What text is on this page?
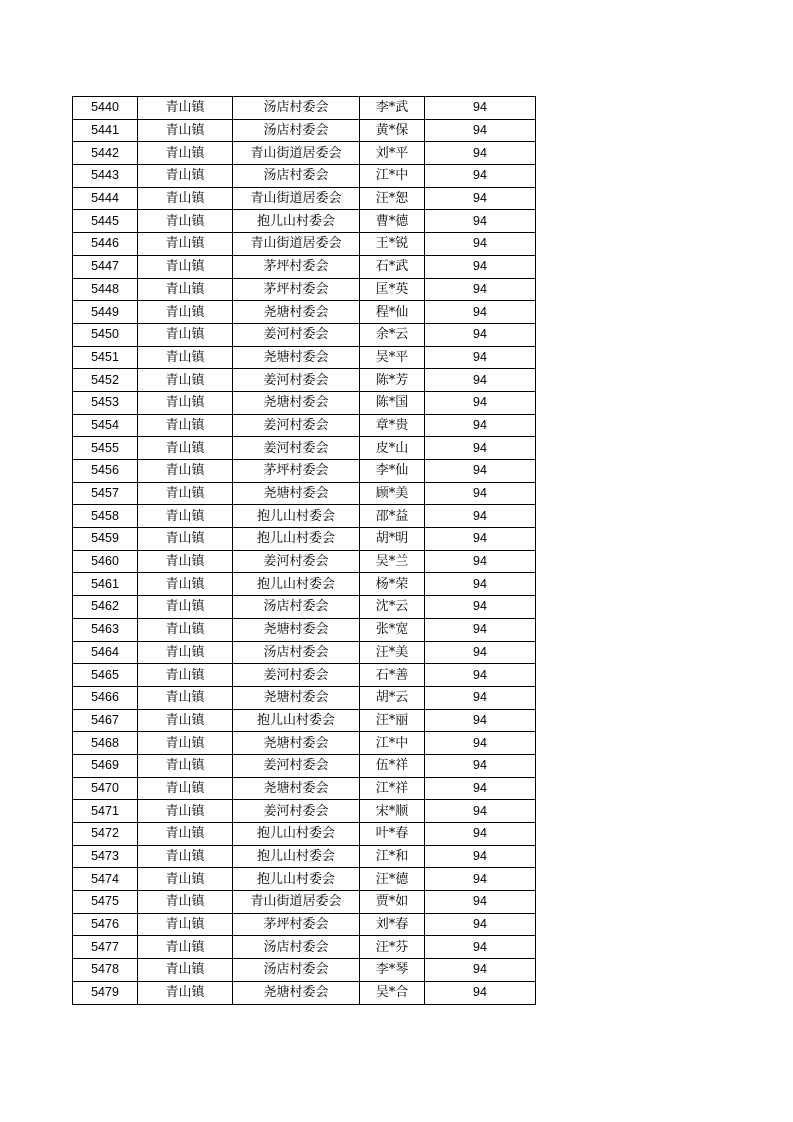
5440	青山镇	汤店村委会	李*武	94
5441	青山镇	汤店村委会	黄*保	94
5442	青山镇	青山街道居委会	刘*平	94
5443	青山镇	汤店村委会	江*中	94
5444	青山镇	青山街道居委会	汪*恕	94
5445	青山镇	抱儿山村委会	曹*德	94
5446	青山镇	青山街道居委会	王*锐	94
5447	青山镇	茅坪村委会	石*武	94
5448	青山镇	茅坪村委会	匡*英	94
5449	青山镇	尧塘村委会	程*仙	94
5450	青山镇	姜河村委会	余*云	94
5451	青山镇	尧塘村委会	吴*平	94
5452	青山镇	姜河村委会	陈*芳	94
5453	青山镇	尧塘村委会	陈*国	94
5454	青山镇	姜河村委会	章*贵	94
5455	青山镇	姜河村委会	皮*山	94
5456	青山镇	茅坪村委会	李*仙	94
5457	青山镇	尧塘村委会	顾*美	94
5458	青山镇	抱儿山村委会	邵*益	94
5459	青山镇	抱儿山村委会	胡*明	94
5460	青山镇	姜河村委会	吴*兰	94
5461	青山镇	抱儿山村委会	杨*荣	94
5462	青山镇	汤店村委会	沈*云	94
5463	青山镇	尧塘村委会	张*宽	94
5464	青山镇	汤店村委会	汪*美	94
5465	青山镇	姜河村委会	石*善	94
5466	青山镇	尧塘村委会	胡*云	94
5467	青山镇	抱儿山村委会	汪*丽	94
5468	青山镇	尧塘村委会	江*中	94
5469	青山镇	姜河村委会	伍*祥	94
5470	青山镇	尧塘村委会	江*祥	94
5471	青山镇	姜河村委会	宋*顺	94
5472	青山镇	抱儿山村委会	叶*春	94
5473	青山镇	抱儿山村委会	江*和	94
5474	青山镇	抱儿山村委会	汪*德	94
5475	青山镇	青山街道居委会	贾*如	94
5476	青山镇	茅坪村委会	刘*春	94
5477	青山镇	汤店村委会	汪*芬	94
5478	青山镇	汤店村委会	李*琴	94
5479	青山镇	尧塘村委会	吴*合	94
